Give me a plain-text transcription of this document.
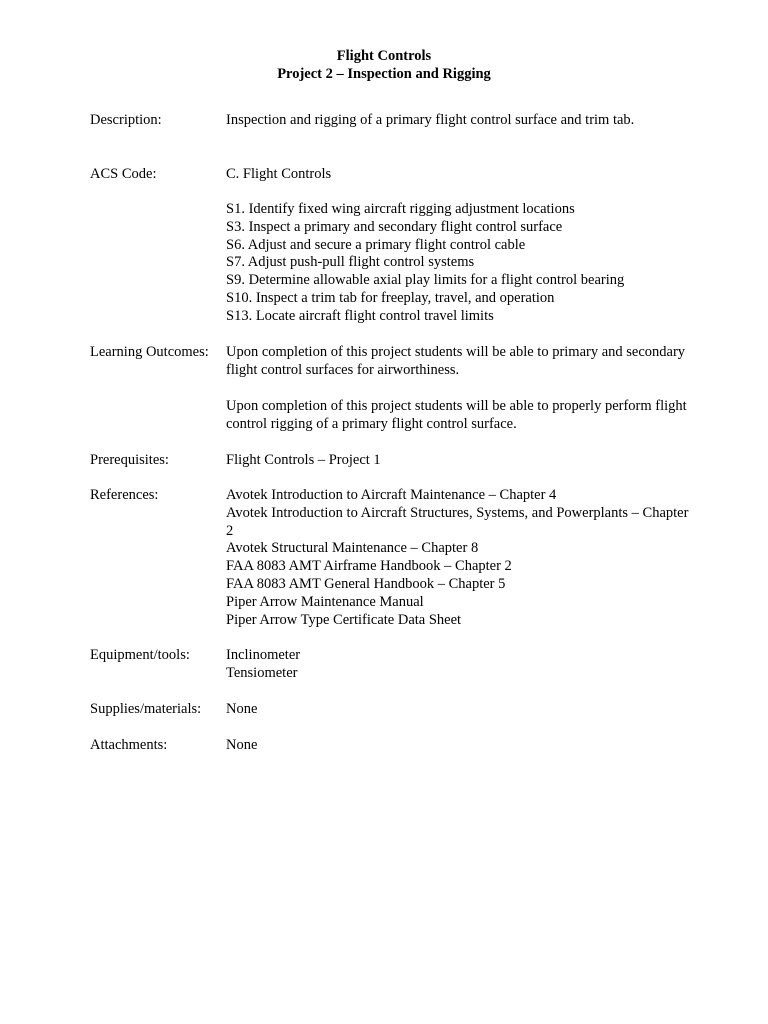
Flight Controls
Project 2 – Inspection and Rigging
Description:	Inspection and rigging of a primary flight control surface and trim tab.
ACS Code:	C. Flight Controls
S1. Identify fixed wing aircraft rigging adjustment locations
S3. Inspect a primary and secondary flight control surface
S6. Adjust and secure a primary flight control cable
S7. Adjust push-pull flight control systems
S9. Determine allowable axial play limits for a flight control bearing
S10. Inspect a trim tab for freeplay, travel, and operation
S13. Locate aircraft flight control travel limits
Learning Outcomes:	Upon completion of this project students will be able to primary and secondary flight control surfaces for airworthiness.
Upon completion of this project students will be able to properly perform flight control rigging of a primary flight control surface.
Prerequisites:	Flight Controls – Project 1
References:	Avotek Introduction to Aircraft Maintenance – Chapter 4
Avotek Introduction to Aircraft Structures, Systems, and Powerplants – Chapter 2
Avotek Structural Maintenance – Chapter 8
FAA 8083 AMT Airframe Handbook – Chapter 2
FAA 8083 AMT General Handbook – Chapter 5
Piper Arrow Maintenance Manual
Piper Arrow Type Certificate Data Sheet
Equipment/tools:	Inclinometer
Tensiometer
Supplies/materials:	None
Attachments:	None
